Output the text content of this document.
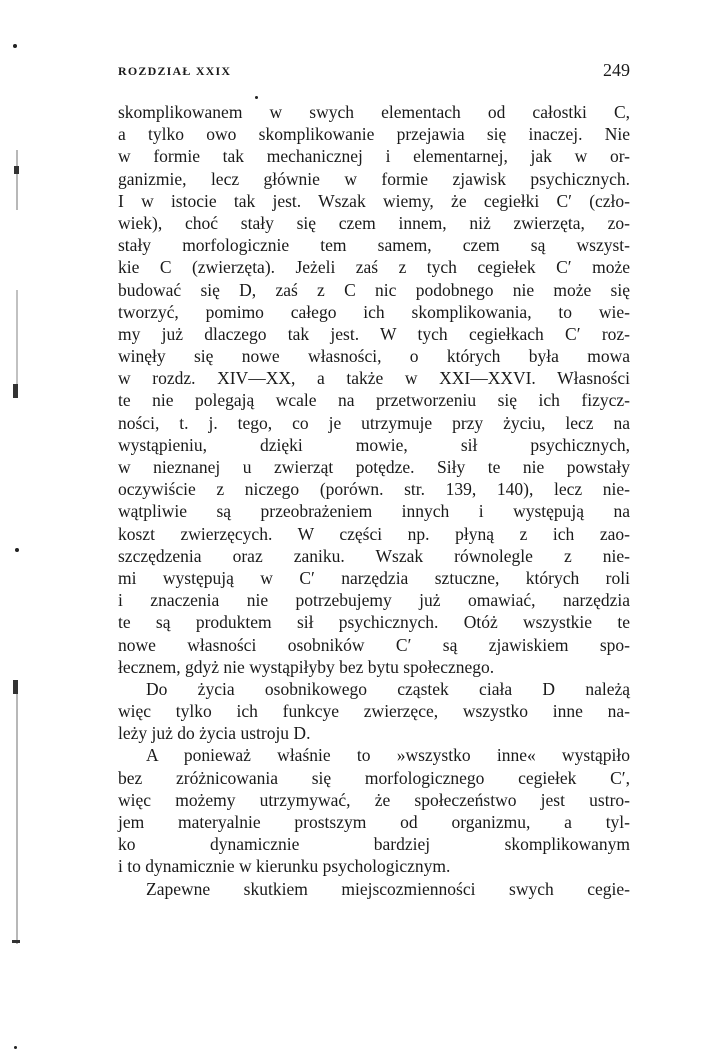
ROZDZIAŁ XXIX	249
skomplikowanem w swych elementach od całostki C,
a tylko owo skomplikowanie przejawia się inaczej. Nie
w formie tak mechanicznej i elementarnej, jak w or-
ganizmie, lecz głównie w formie zjawisk psychicznych.
I w istocie tak jest. Wszak wiemy, że cegiełki C′ (czło-
wiek), choć stały się czem innem, niż zwierzęta, zo-
stały morfologicznie tem samem, czem są wszyst-
kie C (zwierzęta). Jeżeli zaś z tych cegiełek C′ może
budować się D, zaś z C nic podobnego nie może się
tworzyć, pomimo całego ich skomplikowania, to wie-
my już dlaczego tak jest. W tych cegiełkach C′ roz-
winęły się nowe własności, o których była mowa
w rozdz. XIV—XX, a także w XXI—XXVI. Własności
te nie polegają wcale na przetworzeniu się ich fizycz-
ności, t. j. tego, co je utrzymuje przy życiu, lecz na
wystąpieniu, dzięki mowie, sił psychicznych,
w nieznanej u zwierząt potędze. Siły te nie powstały
oczywiście z niczego (porówn. str. 139, 140), lecz nie-
wątpliwie są przeobrażeniem innych i występują na
koszt zwierzęcych. W części np. płyną z ich zao-
szczędzenia oraz zaniku. Wszak równolegle z nie-
mi występują w C′ narzędzia sztuczne, których roli
i znaczenia nie potrzebujemy już omawiać, narzędzia
te są produktem sił psychicznych. Otóż wszystkie te
nowe własności osobników C′ są zjawiskiem spo-
łecznem, gdyż nie wystąpiłyby bez bytu społecznego.
Do życia osobnikowego cząstek ciała D należą
więc tylko ich funkcye zwierzęce, wszystko inne na-
leży już do życia ustroju D.
A ponieważ właśnie to »wszystko inne« wystąpiło
bez zróżnicowania się morfologicznego cegiełek C′,
więc możemy utrzymywać, że społeczeństwo jest ustro-
jem materyalnie prostszym od organizmu, a tyl-
ko dynamicznie bardziej skomplikowanym
i to dynamicznie w kierunku psychologicznym.
Zapewne skutkiem miejscozmienności swych cegie-
